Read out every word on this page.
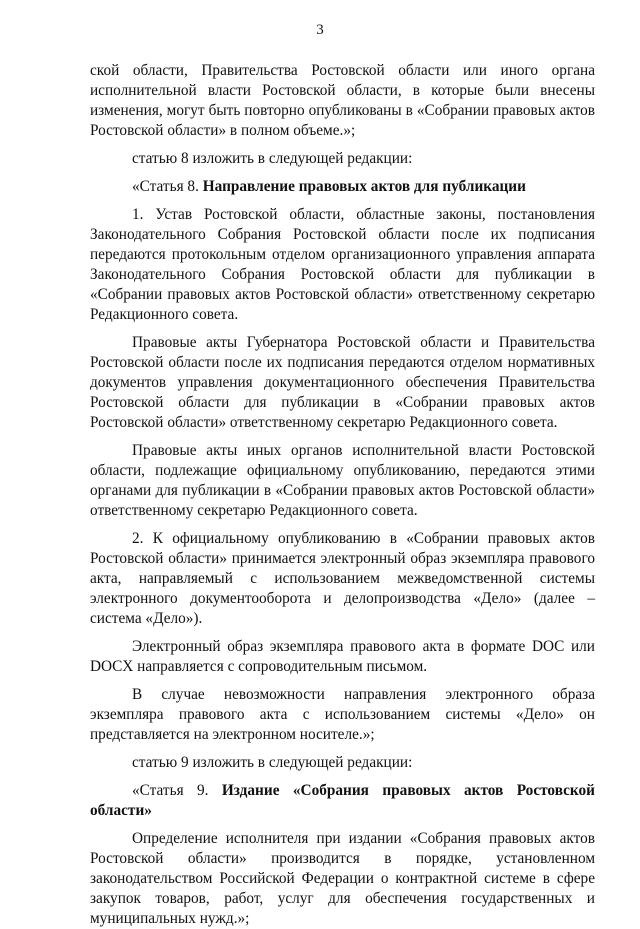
3

ской области, Правительства Ростовской области или иного органа исполнительной власти Ростовской области, в которые были внесены изменения, могут быть повторно опубликованы в «Собрании правовых актов Ростовской области» в полном объеме.»;

статью 8 изложить в следующей редакции:

«Статья 8. Направление правовых актов для публикации

1. Устав Ростовской области, областные законы, постановления Законодательного Собрания Ростовской области после их подписания передаются протокольным отделом организационного управления аппарата Законодательного Собрания Ростовской области для публикации в «Собрании правовых актов Ростовской области» ответственному секретарю Редакционного совета.

Правовые акты Губернатора Ростовской области и Правительства Ростовской области после их подписания передаются отделом нормативных документов управления документационного обеспечения Правительства Ростовской области для публикации в «Собрании правовых актов Ростовской области» ответственному секретарю Редакционного совета.

Правовые акты иных органов исполнительной власти Ростовской области, подлежащие официальному опубликованию, передаются этими органами для публикации в «Собрании правовых актов Ростовской области» ответственному секретарю Редакционного совета.

2. К официальному опубликованию в «Собрании правовых актов Ростовской области» принимается электронный образ экземпляра правового акта, направляемый с использованием межведомственной системы электронного документооборота и делопроизводства «Дело» (далее – система «Дело»).

Электронный образ экземпляра правового акта в формате DOC или DOCX направляется с сопроводительным письмом.

В случае невозможности направления электронного образа экземпляра правового акта с использованием системы «Дело» он представляется на электронном носителе.»;

статью 9 изложить в следующей редакции:

«Статья 9. Издание «Собрания правовых актов Ростовской области»

Определение исполнителя при издании «Собрания правовых актов Ростовской области» производится в порядке, установленном законодательством Российской Федерации о контрактной системе в сфере закупок товаров, работ, услуг для обеспечения государственных и муниципальных нужд.»;
